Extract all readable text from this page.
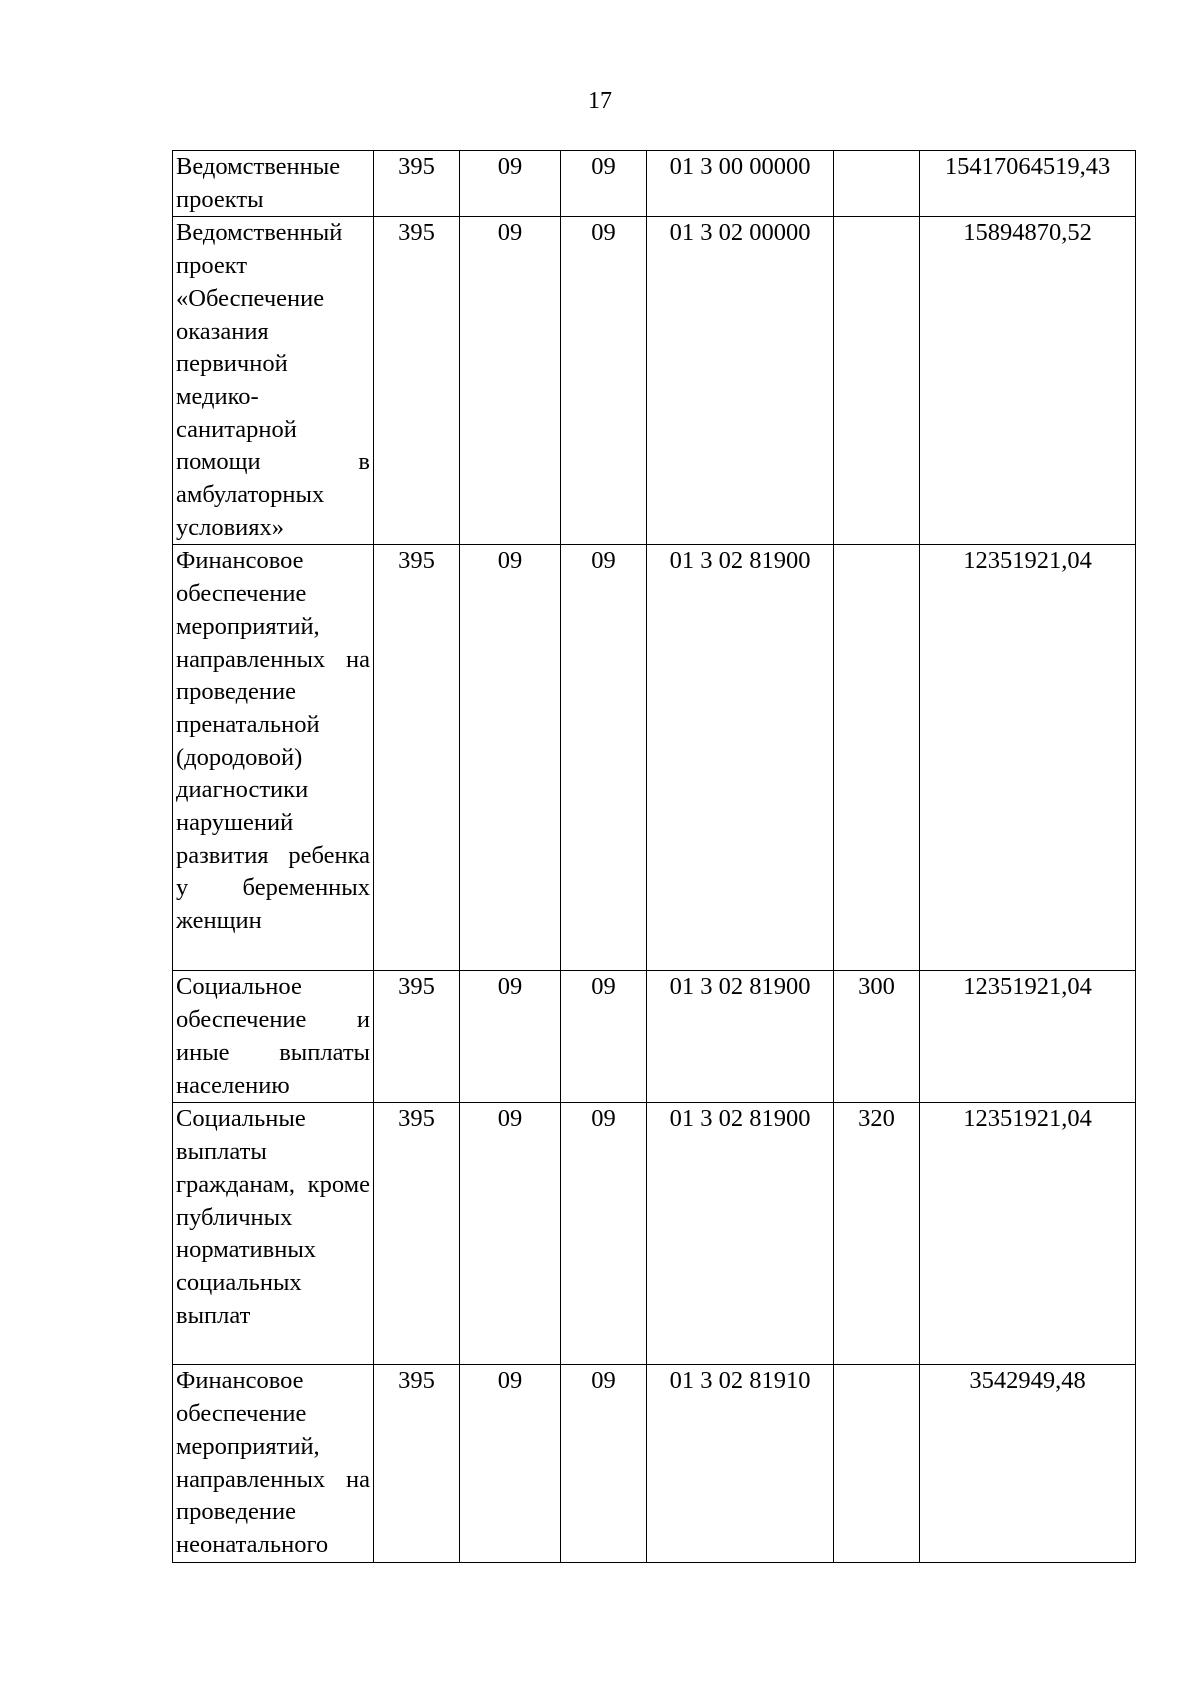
17
Ведомственные проекты	395	09	09	01 3 00 00000		15417064519,43
Ведомственный проект «Обеспечение оказания первичной медико-санитарной помощи в амбулаторных условиях»	395	09	09	01 3 02 00000		15894870,52
Финансовое обеспечение мероприятий, направленных на проведение пренатальной (дородовой) диагностики нарушений развития ребенка у беременных женщин	395	09	09	01 3 02 81900		12351921,04
Социальное обеспечение и иные выплаты населению	395	09	09	01 3 02 81900	300	12351921,04
Социальные выплаты гражданам, кроме публичных нормативных социальных выплат	395	09	09	01 3 02 81900	320	12351921,04
Финансовое обеспечение мероприятий, направленных на проведение неонатального	395	09	09	01 3 02 81910		3542949,48
